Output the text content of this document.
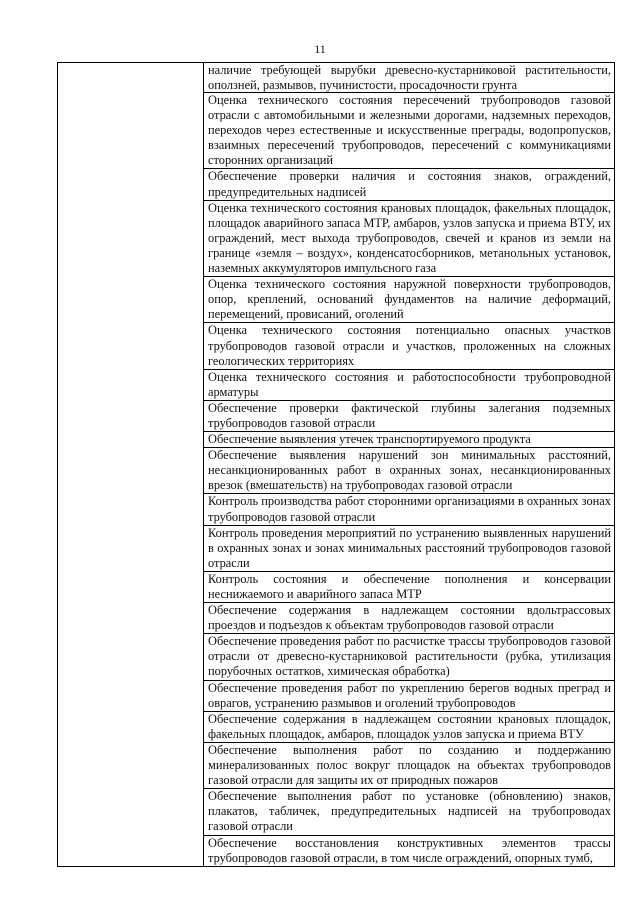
11
	наличие требующей вырубки древесно-кустарниковой растительности, оползней, размывов, пучинистости, просадочности грунта
Оценка технического состояния пересечений трубопроводов газовой отрасли с автомобильными и железными дорогами, надземных переходов, переходов через естественные и искусственные преграды, водопропусков, взаимных пересечений трубопроводов, пересечений с коммуникациями сторонних организаций
Обеспечение проверки наличия и состояния знаков, ограждений, предупредительных надписей
Оценка технического состояния крановых площадок, факельных площадок, площадок аварийного запаса МТР, амбаров, узлов запуска и приема ВТУ, их ограждений, мест выхода трубопроводов, свечей и кранов из земли на границе «земля – воздух», конденсатосборников, метанольных установок, наземных аккумуляторов импульсного газа
Оценка технического состояния наружной поверхности трубопроводов, опор, креплений, оснований фундаментов на наличие деформаций, перемещений, провисаний, оголений
Оценка технического состояния потенциально опасных участков трубопроводов газовой отрасли и участков, проложенных на сложных геологических территориях
Оценка технического состояния и работоспособности трубопроводной арматуры
Обеспечение проверки фактической глубины залегания подземных трубопроводов газовой отрасли
Обеспечение выявления утечек транспортируемого продукта
Обеспечение выявления нарушений зон минимальных расстояний, несанкционированных работ в охранных зонах, несанкционированных врезок (вмешательств) на трубопроводах газовой отрасли
Контроль производства работ сторонними организациями в охранных зонах трубопроводов газовой отрасли
Контроль проведения мероприятий по устранению выявленных нарушений в охранных зонах и зонах минимальных расстояний трубопроводов газовой отрасли
Контроль состояния и обеспечение пополнения и консервации неснижаемого и аварийного запаса МТР
Обеспечение содержания в надлежащем состоянии вдольтрассовых проездов и подъездов к объектам трубопроводов газовой отрасли
Обеспечение проведения работ по расчистке трассы трубопроводов газовой отрасли от древесно-кустарниковой растительности (рубка, утилизация порубочных остатков, химическая обработка)
Обеспечение проведения работ по укреплению берегов водных преград и оврагов, устранению размывов и оголений трубопроводов
Обеспечение содержания в надлежащем состоянии крановых площадок, факельных площадок, амбаров, площадок узлов запуска и приема ВТУ
Обеспечение выполнения работ по созданию и поддержанию минерализованных полос вокруг площадок на объектах трубопроводов газовой отрасли для защиты их от природных пожаров
Обеспечение выполнения работ по установке (обновлению) знаков, плакатов, табличек, предупредительных надписей на трубопроводах газовой отрасли
Обеспечение восстановления конструктивных элементов трассы трубопроводов газовой отрасли, в том числе ограждений, опорных тумб,
